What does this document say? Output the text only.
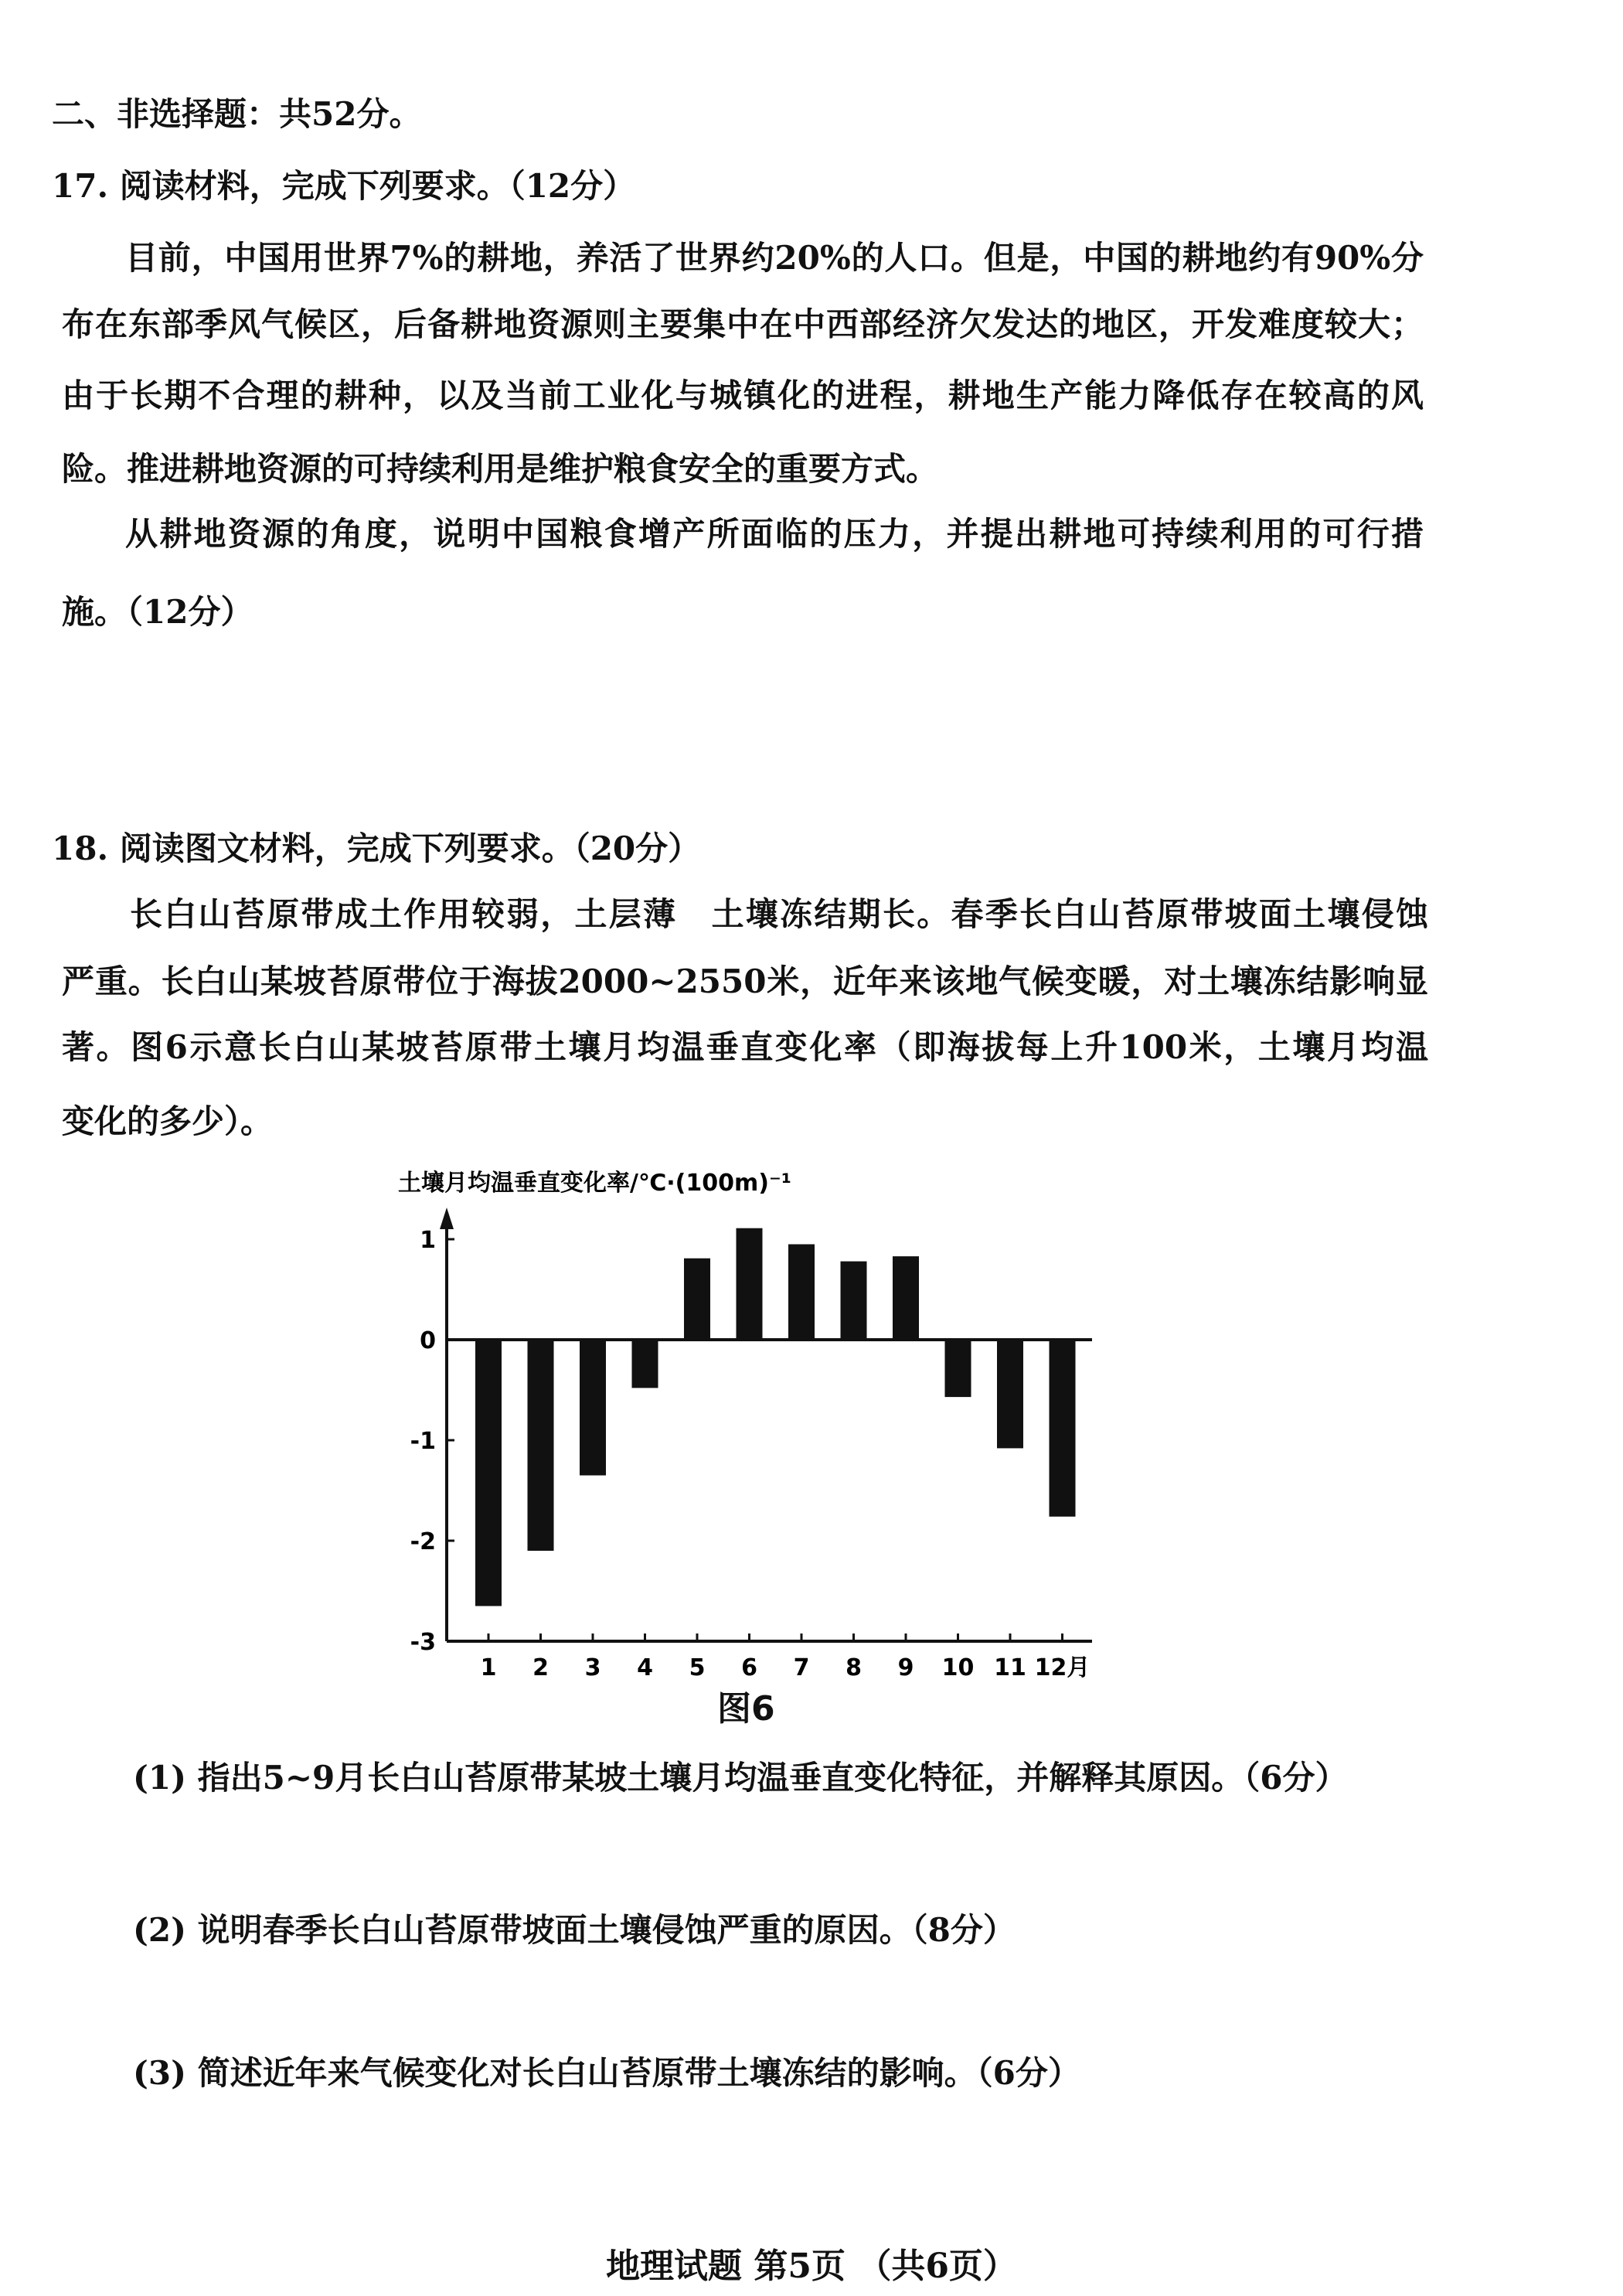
二、非选择题：共52分。
17. 阅读材料，完成下列要求。（12分）
目前，中国用世界7%的耕地，养活了世界约20%的人口。但是，中国的耕地约有90%分
布在东部季风气候区，后备耕地资源则主要集中在中西部经济欠发达的地区，开发难度较大；
由于长期不合理的耕种，以及当前工业化与城镇化的进程，耕地生产能力降低存在较高的风
险。推进耕地资源的可持续利用是维护粮食安全的重要方式。
从耕地资源的角度，说明中国粮食增产所面临的压力，并提出耕地可持续利用的可行措
施。（12分）
18. 阅读图文材料，完成下列要求。（20分）
长白山苔原带成土作用较弱，土层薄　土壤冻结期长。春季长白山苔原带坡面土壤侵蚀
严重。长白山某坡苔原带位于海拔2000~2550米，近年来该地气候变暖，对土壤冻结影响显
著。图6示意长白山某坡苔原带土壤月均温垂直变化率（即海拔每上升100米，土壤月均温
变化的多少）。
土壤月均温垂直变化率/℃·(100m)⁻¹
1
0
-1
-2
-3
1 2 3 4 5 6 7 8 9 10 11 12月
图6
(1) 指出5~9月长白山苔原带某坡土壤月均温垂直变化特征，并解释其原因。（6分）
(2) 说明春季长白山苔原带坡面土壤侵蚀严重的原因。（8分）
(3) 简述近年来气候变化对长白山苔原带土壤冻结的影响。（6分）
地理试题 第5页 （共6页）
